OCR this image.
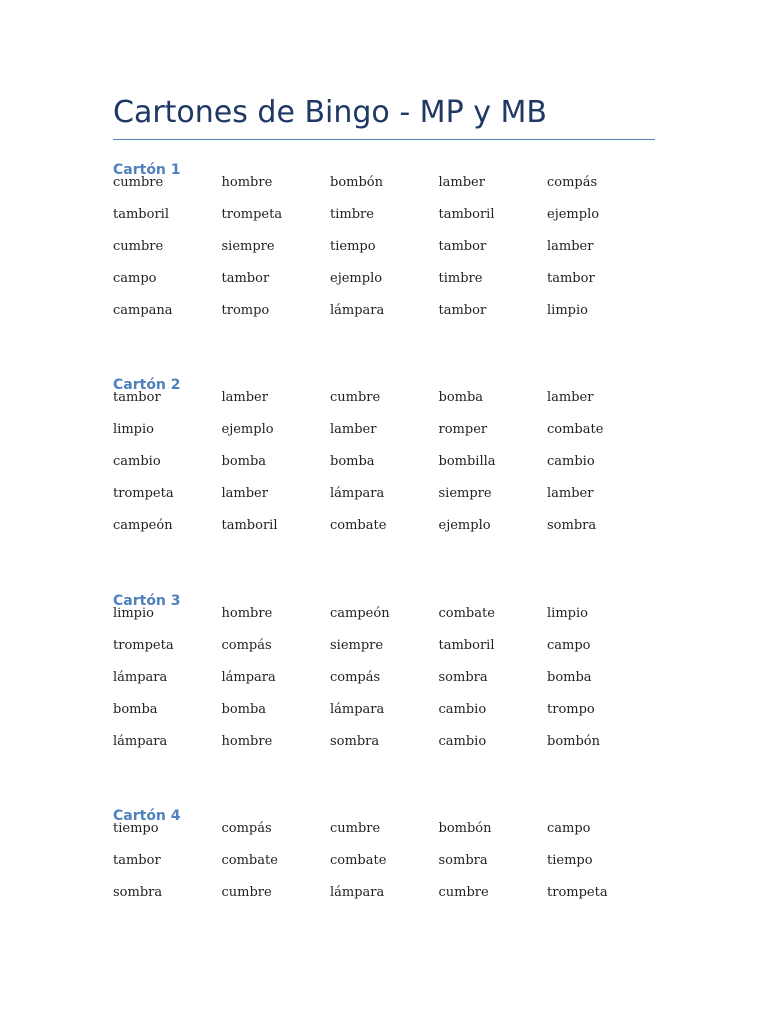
Cartones de Bingo - MP y MB
Cartón 1
cumbre	hombre	bombón	lamber	compás
tamboril	trompeta	timbre	tamboril	ejemplo
cumbre	siempre	tiempo	tambor	lamber
campo	tambor	ejemplo	timbre	tambor
campana	trompo	lámpara	tambor	limpio
Cartón 2
tambor	lamber	cumbre	bomba	lamber
limpio	ejemplo	lamber	romper	combate
cambio	bomba	bomba	bombilla	cambio
trompeta	lamber	lámpara	siempre	lamber
campeón	tamboril	combate	ejemplo	sombra
Cartón 3
limpio	hombre	campeón	combate	limpio
trompeta	compás	siempre	tamboril	campo
lámpara	lámpara	compás	sombra	bomba
bomba	bomba	lámpara	cambio	trompo
lámpara	hombre	sombra	cambio	bombón
Cartón 4
tiempo	compás	cumbre	bombón	campo
tambor	combate	combate	sombra	tiempo
sombra	cumbre	lámpara	cumbre	trompeta
